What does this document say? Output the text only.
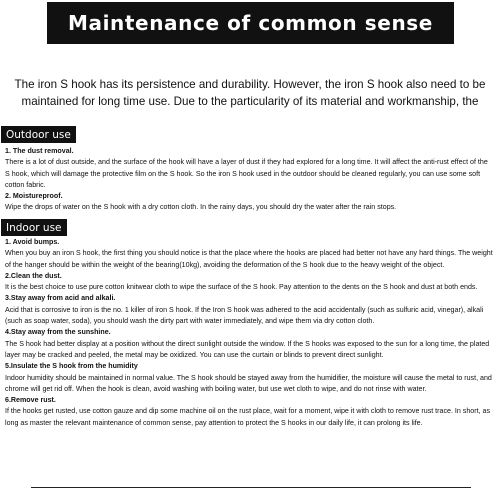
Maintenance of common sense
The iron S hook has its persistence and durability. However, the iron S hook also need to be maintained for long time use. Due to the particularity of its material and workmanship, the
Outdoor use

1. The dust removal.

There is a lot of dust outside, and the surface of the hook will have a layer of dust if they had explored for a long time. It will affect the anti-rust effect of the S hook, which will damage the protective film on the S hook. So the iron S hook used in the outdoor should be cleaned regularly, you can use some soft cotton fabric.

2. Moistureproof.

Wipe the drops of water on the S hook with a dry cotton cloth. In the rainy days, you should dry the water after the rain stops.

Indoor use

1. Avoid bumps.

When you buy an iron S hook, the first thing you should notice is that the place where the hooks are placed had better not have any hard things. The weight of the hanger should be within the weight of the bearing(10kg), avoiding the deformation of the S hook due to the heavy weight of the object.

2.Clean the dust.

It is the best choice to use pure cotton knitwear cloth to wipe the surface of the S hook. Pay attention to the dents on the S hook and dust at both ends.

3.Stay away from acid and alkali.

Acid that is corrosive to iron is the no. 1 killer of iron S hook. If the Iron S hook was adhered to the acid accidentally (such as sulfuric acid, vinegar), alkali (such as soap water, soda), you should wash the dirty part with water immediately, and wipe them via dry cotton cloth.

4.Stay away from the sunshine.

The S hook had better display at a position without the direct sunlight outside the window. If the S hooks was exposed to the sun for a long time, the plated layer may be cracked and peeled, the metal may be oxidized. You can use the curtain or blinds to prevent direct sunlight.

5.Insulate the S hook from the humidity

Indoor humidity should be maintained in normal value. The S hook should be stayed away from the humidifier, the moisture will cause the metal to rust, and chrome will get rid off. When the hook is clean, avoid washing with boiling water, but use wet cloth to wipe, and do not rinse with water.

6.Remove rust.

If the hooks get rusted, use cotton gauze and dip some machine oil on the rust place, wait for a moment, wipe it with cloth to remove rust trace. In short, as long as master the relevant maintenance of common sense, pay attention to protect the S hooks in our daily life, it can prolong its life.
